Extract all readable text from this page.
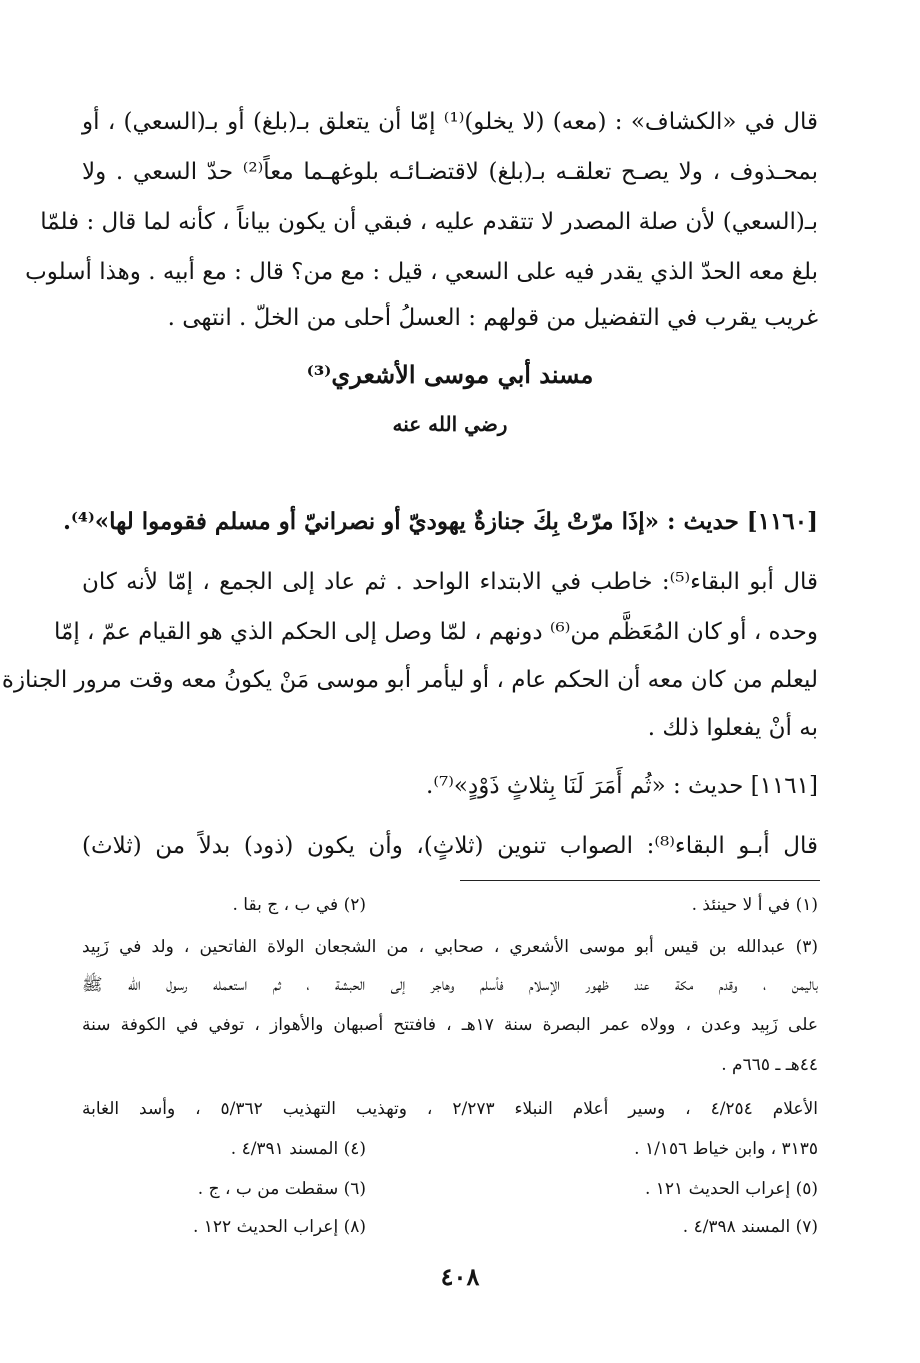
قال في «الكشاف» : (معه) (لا يخلو)⁽¹⁾ إمّا أن يتعلق بـ(بلغ) أو بـ(السعي) ، أو
بمحـذوف ، ولا يصـح تعلقـه بـ(بلغ) لاقتضـائـه بلوغهـما معاً⁽²⁾ حدّ السعي . ولا
بـ(السعي) لأن صلة المصدر لا تتقدم عليه ، فبقي أن يكون بياناً ، كأنه لما قال : فلمّا
بلغ معه الحدّ الذي يقدر فيه على السعي ، قيل : مع من؟ قال : مع أبيه . وهذا أسلوب
غريب يقرب في التفضيل من قولهم : العسلُ أحلى من الخلّ . انتهى .
مسند أبي موسى الأشعري⁽³⁾
رضي الله عنه
[١١٦٠] حديث : «إذَا مرّتْ بِكَ جنازةٌ يهوديّ أو نصرانيّ أو مسلم فقوموا لها»⁽⁴⁾.
قال أبو البقاء⁽⁵⁾: خاطب في الابتداء الواحد . ثم عاد إلى الجمع ، إمّا لأنه كان
وحده ، أو كان المُعَظَّم من⁽⁶⁾ دونهم ، لمّا وصل إلى الحكم الذي هو القيام عمّ ، إمّا
ليعلم من كان معه أن الحكم عام ، أو ليأمر أبو موسى مَنْ يكونُ معه وقت مرور الجنازة
به أنْ يفعلوا ذلك .
[١١٦١] حديث : «ثُم أَمَرَ لَنَا بِثلاثٍ ذَوْدٍ»⁽⁷⁾.
قال أبـو البقاء⁽⁸⁾: الصواب تنوين (ثلاثٍ)، وأن يكون (ذود) بدلاً من (ثلاث)
(١) في أ لا حينئذ .
(٢) في ب ، ج بقا .
(٣) عبدالله بن قيس أبو موسى الأشعري ، صحابي ، من الشجعان الولاة الفاتحين ، ولد في زَبِيد
باليمن ، وقدم مكة عند ظهور الإسلام فأسلم وهاجر إلى الحبشة ، ثم استعمله رسول الله ﷺ
على زَبِيد وعدن ، وولاه عمر البصرة سنة ١٧هـ ، فافتتح أصبهان والأهواز ، توفي في الكوفة سنة
٤٤هـ ـ ٦٦٥م .
الأعلام ٤/٢٥٤ ، وسير أعلام النبلاء ٢/٢٧٣ ، وتهذيب التهذيب ٥/٣٦٢ ، وأسد الغابة
٣١٣٥ ، وابن خياط ١/١٥٦ .
(٤) المسند ٤/٣٩١ .
(٥) إعراب الحديث ١٢١ .
(٦) سقطت من ب ، ج .
(٧) المسند ٤/٣٩٨ .
(٨) إعراب الحديث ١٢٢ .
٤٠٨
